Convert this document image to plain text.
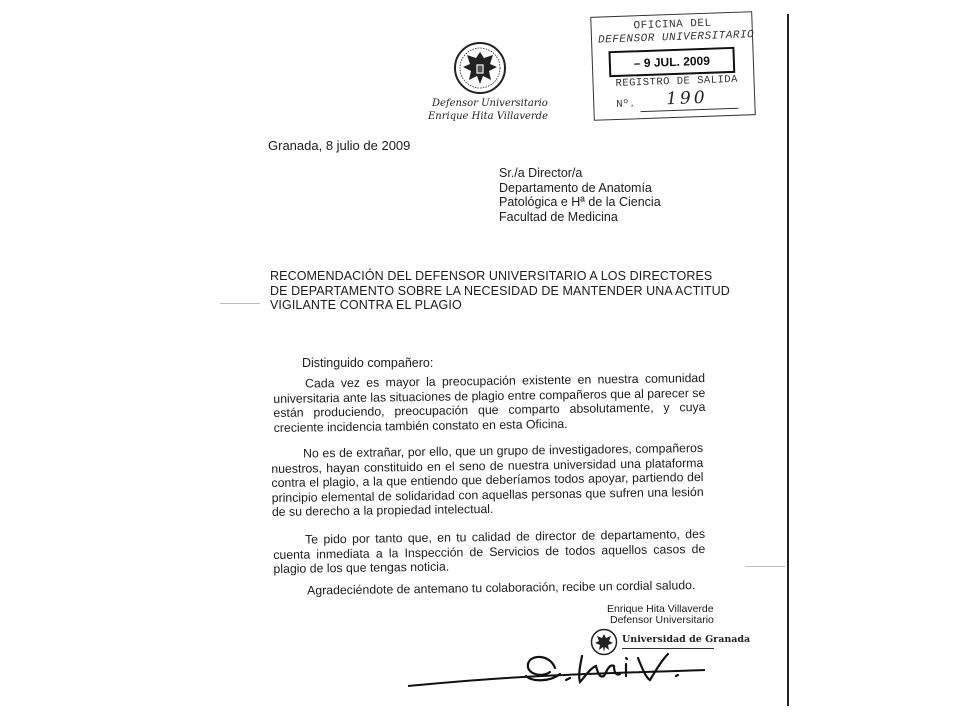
OFICINA DEL
DEFENSOR UNIVERSITARIO
– 9 JUL. 2009
REGISTRO DE SALIDA
Nº. 190
Defensor Universitario
Enrique Hita Villaverde
Granada, 8 julio de 2009
Sr./a Director/a
Departamento de Anatomía
Patológica e Hª de la Ciencia
Facultad de Medicina
RECOMENDACIÓN DEL DEFENSOR UNIVERSITARIO A LOS DIRECTORES
DE DEPARTAMENTO SOBRE LA NECESIDAD DE MANTENDER UNA ACTITUD
VIGILANTE CONTRA EL PLAGIO
Distinguido compañero:
Cada vez es mayor la preocupación existente en nuestra comunidad universitaria ante las situaciones de plagio entre compañeros que al parecer se están produciendo, preocupación que comparto absolutamente, y cuya creciente incidencia también constato en esta Oficina.
No es de extrañar, por ello, que un grupo de investigadores, compañeros nuestros, hayan constituido en el seno de nuestra universidad una plataforma contra el plagio, a la que entiendo que deberíamos todos apoyar, partiendo del principio elemental de solidaridad con aquellas personas que sufren una lesión de su derecho a la propiedad intelectual.
Te pido por tanto que, en tu calidad de director de departamento, des cuenta inmediata a la Inspección de Servicios de todos aquellos casos de plagio de los que tengas noticia.
Agradeciéndote de antemano tu colaboración, recibe un cordial saludo.
Enrique Hita Villaverde
Defensor Universitario
Universidad de Granada
